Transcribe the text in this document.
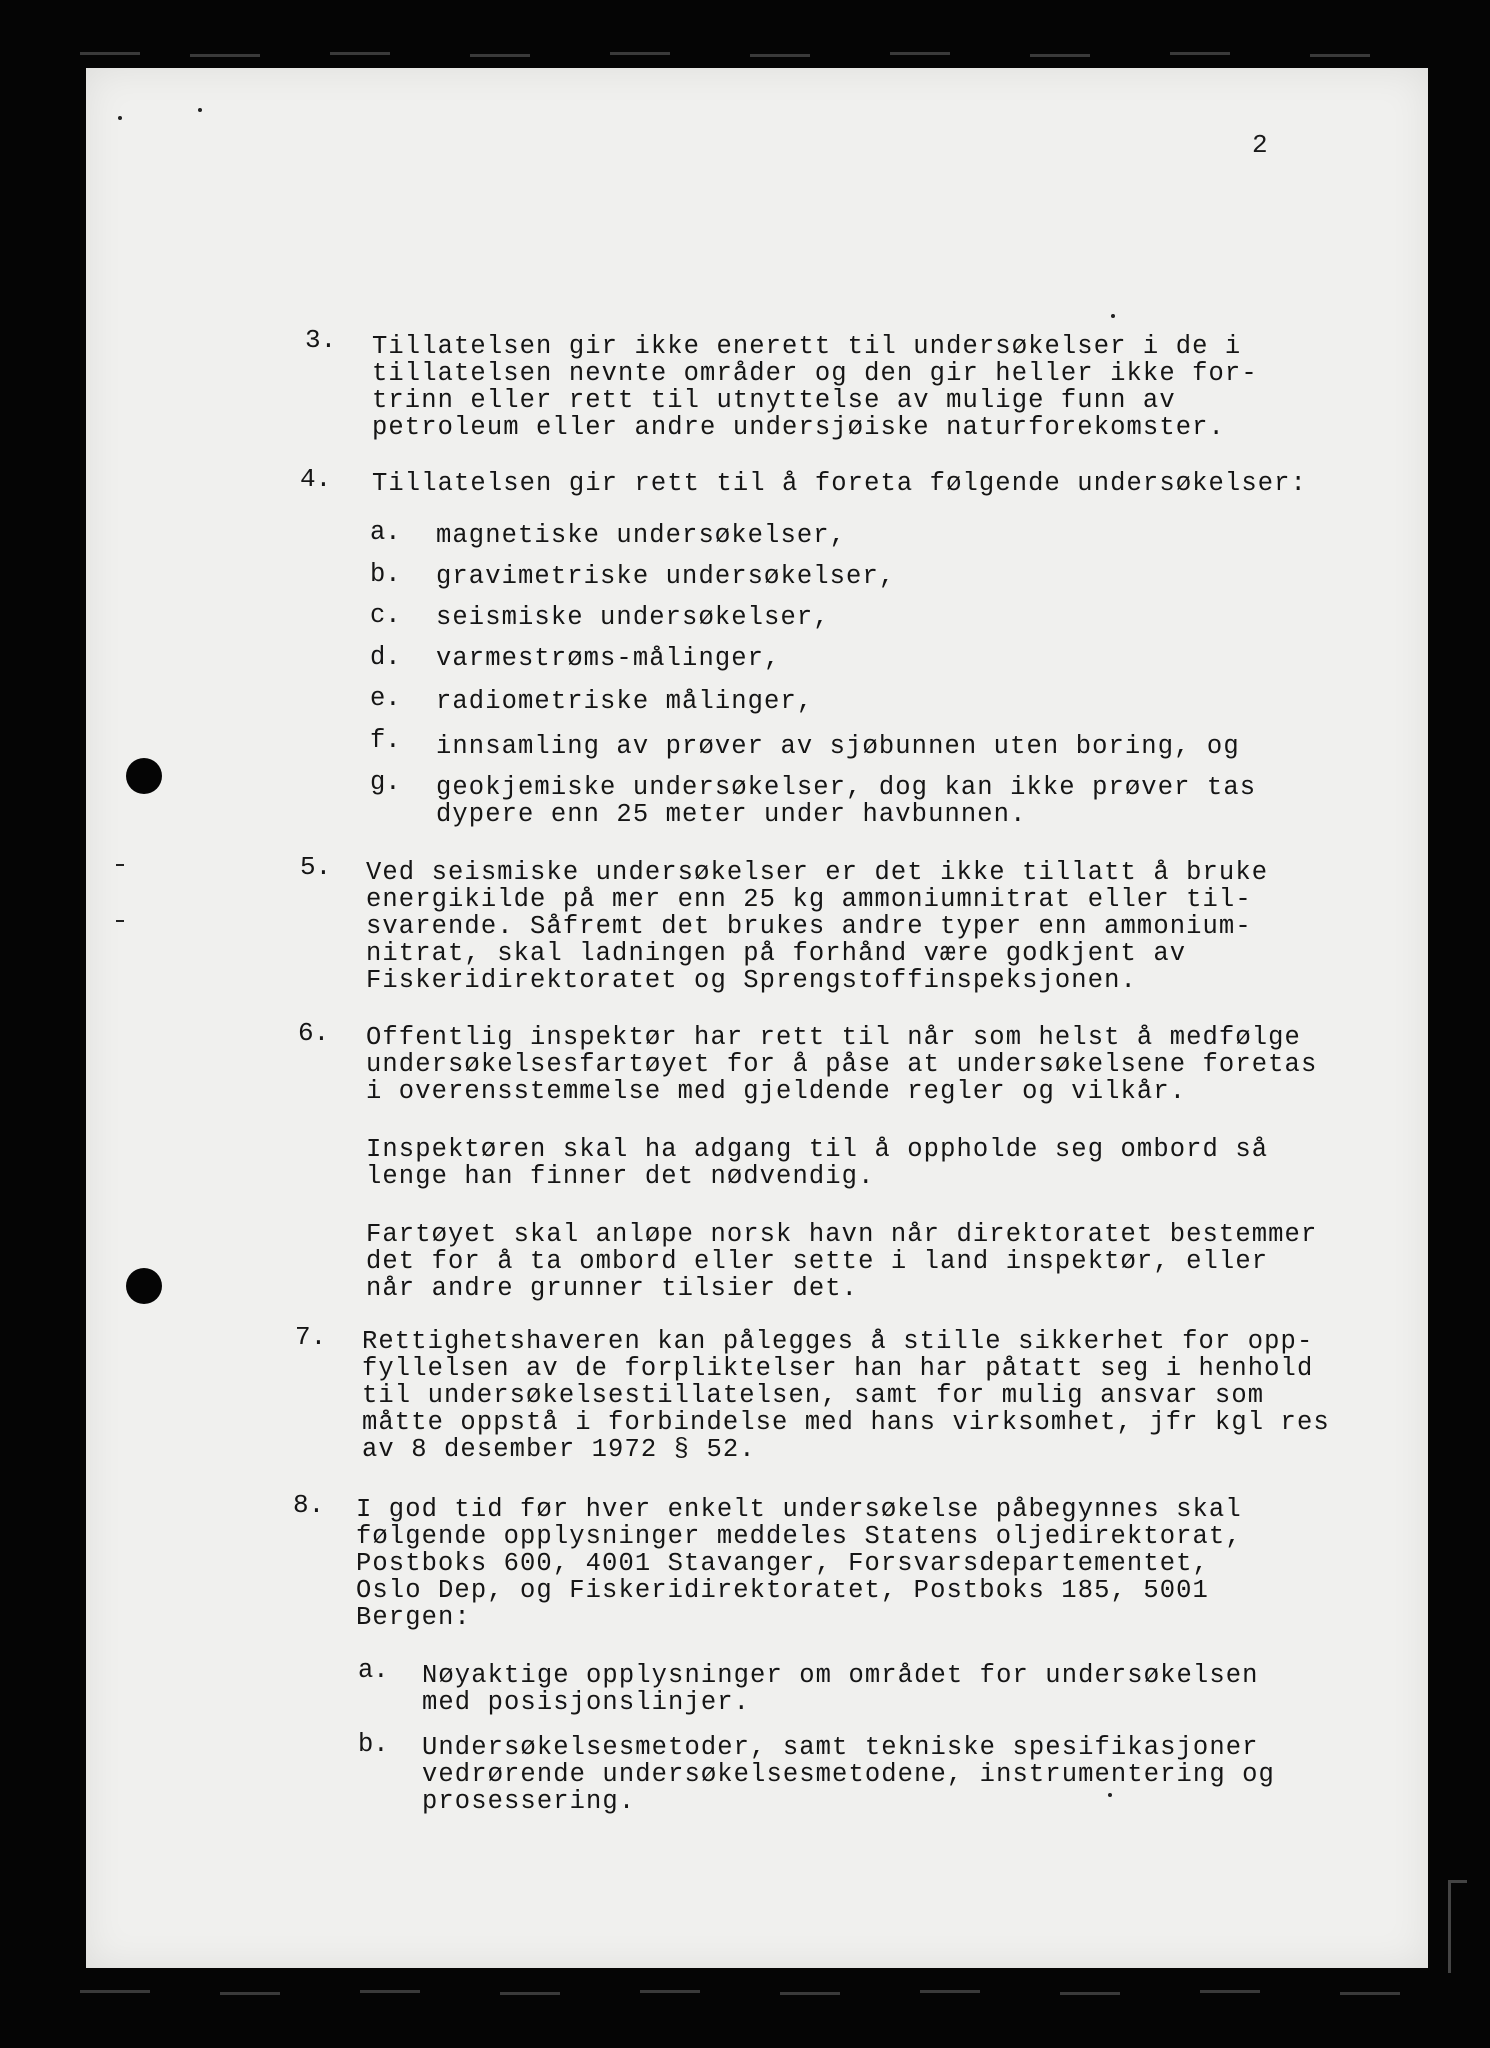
2
3. Tillatelsen gir ikke enerett til undersøkelser i de i
tillatelsen nevnte områder og den gir heller ikke for-
trinn eller rett til utnyttelse av mulige funn av
petroleum eller andre undersjøiske naturforekomster.
4. Tillatelsen gir rett til å foreta følgende undersøkelser:
a. magnetiske undersøkelser,
b. gravimetriske undersøkelser,
c. seismiske undersøkelser,
d. varmestrøms-målinger,
e. radiometriske målinger,
f. innsamling av prøver av sjøbunnen uten boring, og
g. geokjemiske undersøkelser, dog kan ikke prøver tas
dypere enn 25 meter under havbunnen.
5. Ved seismiske undersøkelser er det ikke tillatt å bruke
energikilde på mer enn 25 kg ammoniumnitrat eller til-
svarende. Såfremt det brukes andre typer enn ammonium-
nitrat, skal ladningen på forhånd være godkjent av
Fiskeridirektoratet og Sprengstoffinspeksjonen.
6. Offentlig inspektør har rett til når som helst å medfølge
undersøkelsesfartøyet for å påse at undersøkelsene foretas
i overensstemmelse med gjeldende regler og vilkår.
Inspektøren skal ha adgang til å oppholde seg ombord så
lenge han finner det nødvendig.
Fartøyet skal anløpe norsk havn når direktoratet bestemmer
det for å ta ombord eller sette i land inspektør, eller
når andre grunner tilsier det.
7. Rettighetshaveren kan pålegges å stille sikkerhet for opp-
fyllelsen av de forpliktelser han har påtatt seg i henhold
til undersøkelsestillatelsen, samt for mulig ansvar som
måtte oppstå i forbindelse med hans virksomhet, jfr kgl res
av 8 desember 1972 § 52.
8. I god tid før hver enkelt undersøkelse påbegynnes skal
følgende opplysninger meddeles Statens oljedirektorat,
Postboks 600, 4001 Stavanger, Forsvarsdepartementet,
Oslo Dep, og Fiskeridirektoratet, Postboks 185, 5001
Bergen:
a. Nøyaktige opplysninger om området for undersøkelsen
med posisjonslinjer.
b. Undersøkelsesmetoder, samt tekniske spesifikasjoner
vedrørende undersøkelsesmetodene, instrumentering og
prosessering.
